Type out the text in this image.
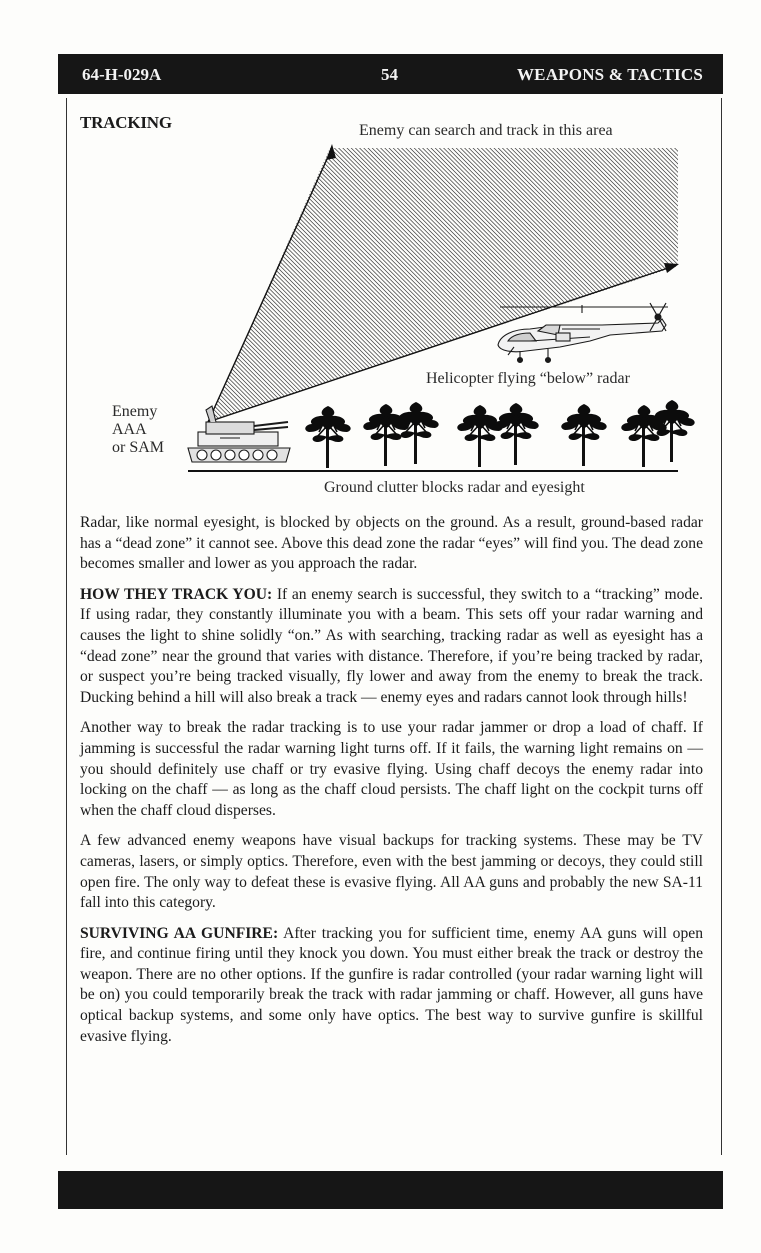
64-H-029A	54	WEAPONS & TACTICS
TRACKING	Enemy can search and track in this area
Helicopter flying “below” radar
Enemy
AAA
or SAM
Ground clutter blocks radar and eyesight

Radar, like normal eyesight, is blocked by objects on the ground. As a result, ground-based radar has a “dead zone” it cannot see. Above this dead zone the radar “eyes” will find you. The dead zone becomes smaller and lower as you approach the radar.

HOW THEY TRACK YOU: If an enemy search is successful, they switch to a “tracking” mode. If using radar, they constantly illuminate you with a beam. This sets off your radar warning and causes the light to shine solidly “on.” As with searching, tracking radar as well as eyesight has a “dead zone” near the ground that varies with distance. Therefore, if you’re being tracked by radar, or suspect you’re being tracked visually, fly lower and away from the enemy to break the track. Ducking behind a hill will also break a track — enemy eyes and radars cannot look through hills!

Another way to break the radar tracking is to use your radar jammer or drop a load of chaff. If jamming is successful the radar warning light turns off. If it fails, the warning light remains on — you should definitely use chaff or try evasive flying. Using chaff decoys the enemy radar into locking on the chaff — as long as the chaff cloud persists. The chaff light on the cockpit turns off when the chaff cloud disperses.

A few advanced enemy weapons have visual backups for tracking systems. These may be TV cameras, lasers, or simply optics. Therefore, even with the best jamming or decoys, they could still open fire. The only way to defeat these is evasive flying. All AA guns and probably the new SA-11 fall into this category.

SURVIVING AA GUNFIRE: After tracking you for sufficient time, enemy AA guns will open fire, and continue firing until they knock you down. You must either break the track or destroy the weapon. There are no other options. If the gunfire is radar controlled (your radar warning light will be on) you could temporarily break the track with radar jamming or chaff. However, all guns have optical backup systems, and some only have optics. The best way to survive gunfire is skillful evasive flying.
